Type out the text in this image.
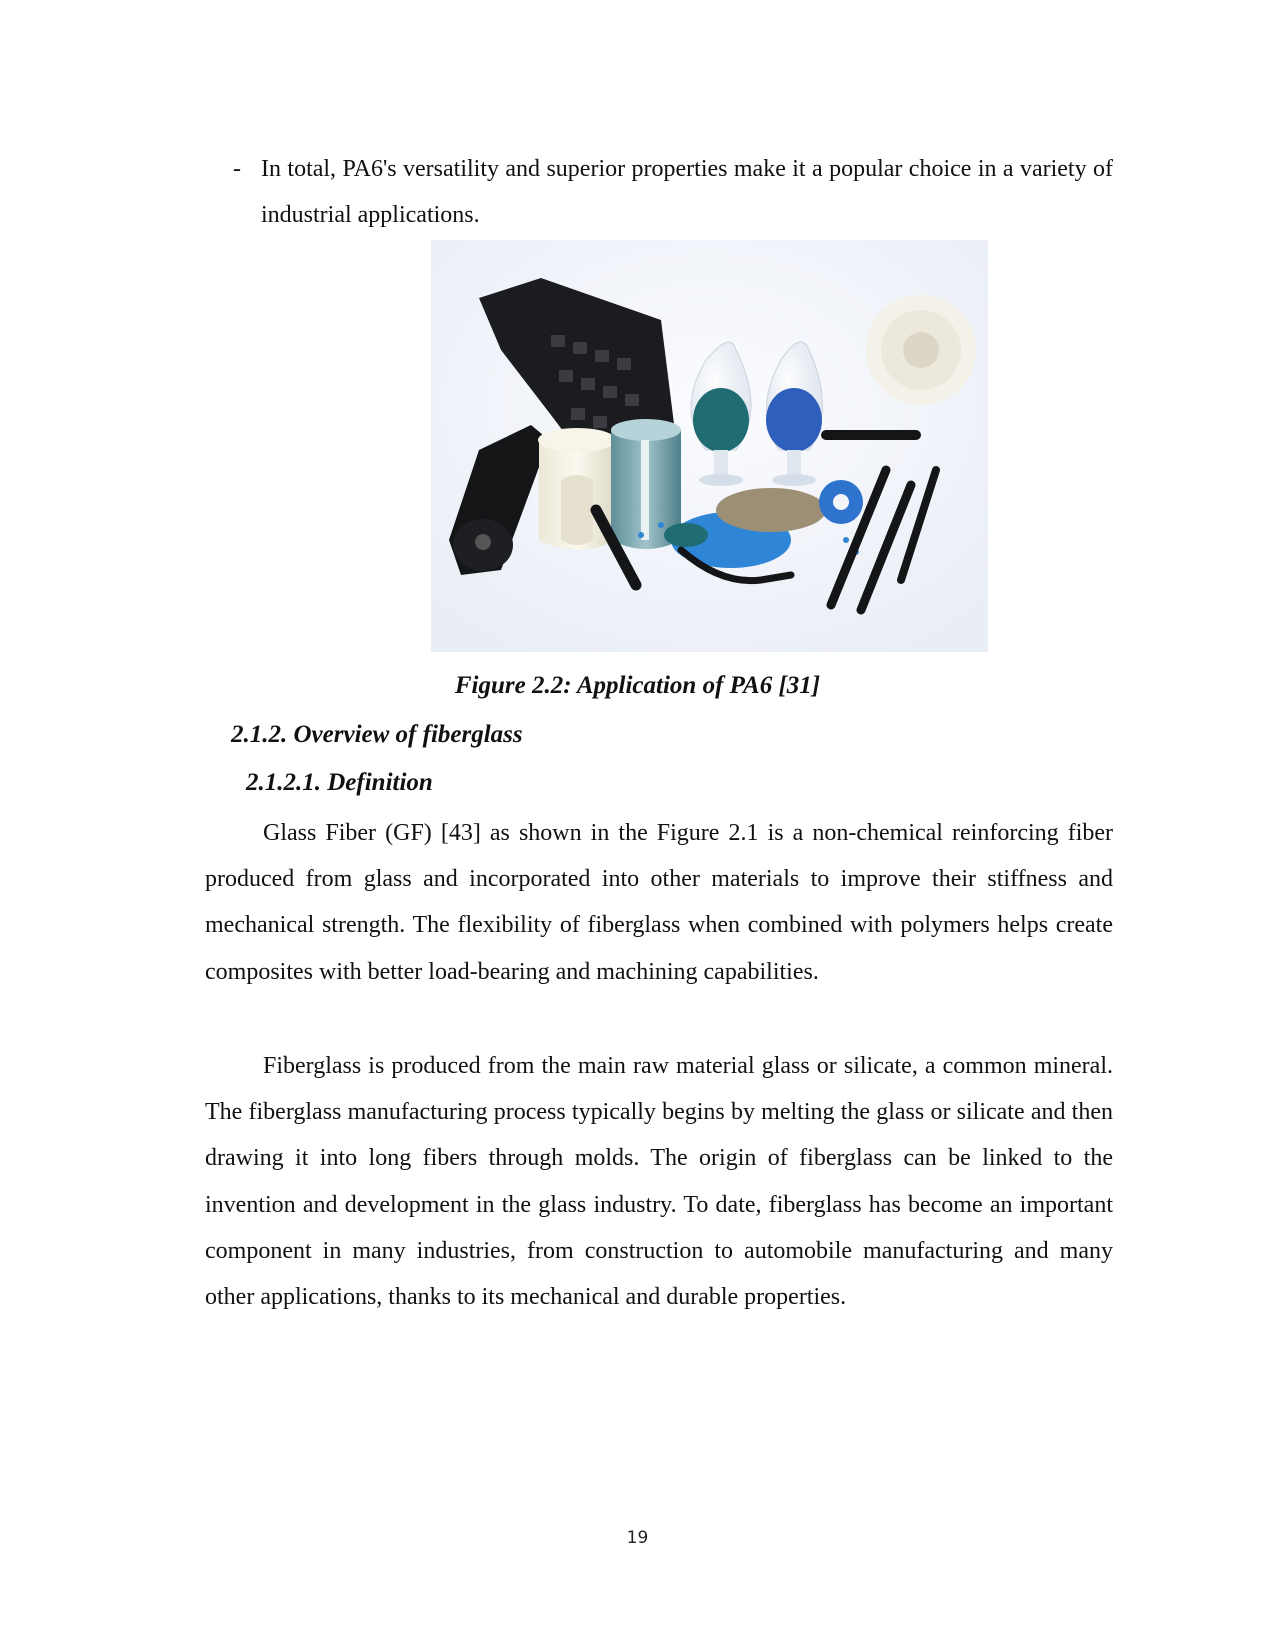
- In total, PA6's versatility and superior properties make it a popular choice in a variety of industrial applications.
Figure 2.2: Application of PA6 [31]
2.1.2. Overview of fiberglass
2.1.2.1. Definition

Glass Fiber (GF) [43] as shown in the Figure 2.1 is a non-chemical reinforcing fiber produced from glass and incorporated into other materials to improve their stiffness and mechanical strength. The flexibility of fiberglass when combined with polymers helps create composites with better load-bearing and machining capabilities.

Fiberglass is produced from the main raw material glass or silicate, a common mineral. The fiberglass manufacturing process typically begins by melting the glass or silicate and then drawing it into long fibers through molds. The origin of fiberglass can be linked to the invention and development in the glass industry. To date, fiberglass has become an important component in many industries, from construction to automobile manufacturing and many other applications, thanks to its mechanical and durable properties.

19
